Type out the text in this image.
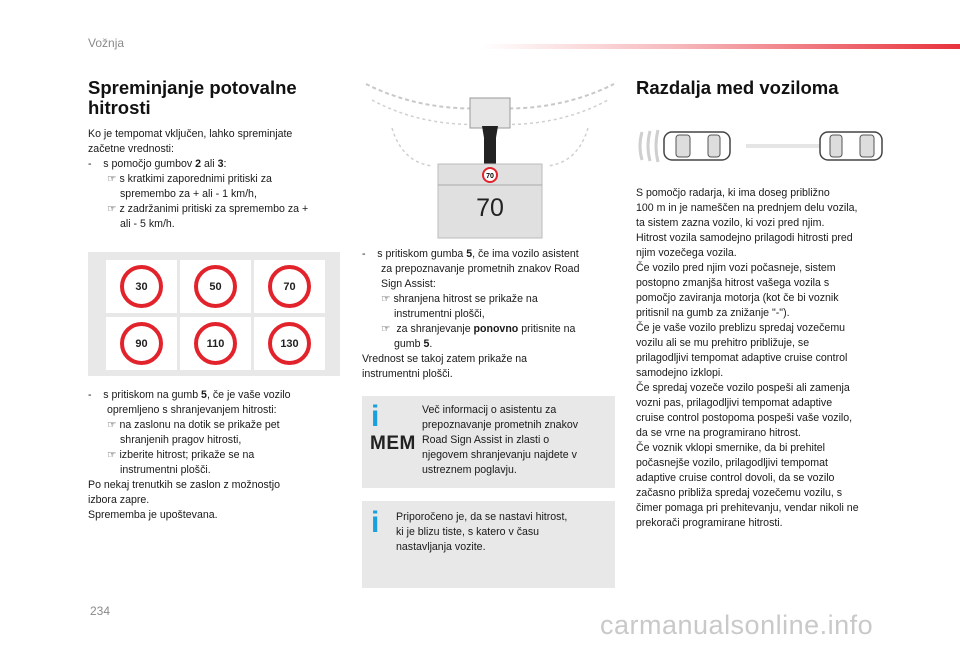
Vožnja
Spreminjanje potovalne
hitrosti
Ko je tempomat vključen, lahko spreminjate
začetne vrednosti:
-    s pomočjo gumbov 2 ali 3:
☞ s kratkimi zaporednimi pritiski za
spremembo za + ali - 1 km/h,
☞ z zadržanimi pritiski za spremembo za +
ali - 5 km/h.
30	50	70
90	110	130
-    s pritiskom na gumb 5, če je vaše vozilo
opremljeno s shranjevanjem hitrosti:
☞ na zaslonu na dotik se prikaže pet
shranjenih pragov hitrosti,
☞ izberite hitrost; prikaže se na
instrumentni plošči.
Po nekaj trenutkih se zaslon z možnostjo
izbora zapre.
Sprememba je upoštevana.
70
70
-    s pritiskom gumba 5, če ima vozilo asistent
za prepoznavanje prometnih znakov Road
Sign Assist:
☞ shranjena hitrost se prikaže na
instrumentni plošči,
☞  za shranjevanje ponovno pritisnite na
gumb 5.
Vrednost se takoj zatem prikaže na
instrumentni plošči.
i
MEM
Več informacij o asistentu za
prepoznavanje prometnih znakov
Road Sign Assist in zlasti o
njegovem shranjevanju najdete v
ustreznem poglavju.
i	Priporočeno je, da se nastavi hitrost,
ki je blizu tiste, s katero v času
nastavljanja vozite.
Razdalja med voziloma
S pomočjo radarja, ki ima doseg približno
100 m in je nameščen na prednjem delu vozila,
ta sistem zazna vozilo, ki vozi pred njim.
Hitrost vozila samodejno prilagodi hitrosti pred
njim vozečega vozila.
Če vozilo pred njim vozi počasneje, sistem
postopno zmanjša hitrost vašega vozila s
pomočjo zaviranja motorja (kot če bi voznik
pritisnil na gumb za znižanje "-").
Če je vaše vozilo preblizu spredaj vozečemu
vozilu ali se mu prehitro približuje, se
prilagodljivi tempomat adaptive cruise control
samodejno izklopi.
Če spredaj vozeče vozilo pospeši ali zamenja
vozni pas, prilagodljivi tempomat adaptive
cruise control postopoma pospeši vaše vozilo,
da se vrne na programirano hitrost.
Če voznik vklopi smernike, da bi prehitel
počasnejše vozilo, prilagodljivi tempomat
adaptive cruise control dovoli, da se vozilo
začasno približa spredaj vozečemu vozilu, s
čimer pomaga pri prehitevanju, vendar nikoli ne
prekorači programirane hitrosti.
234	carmanualsonline.info
